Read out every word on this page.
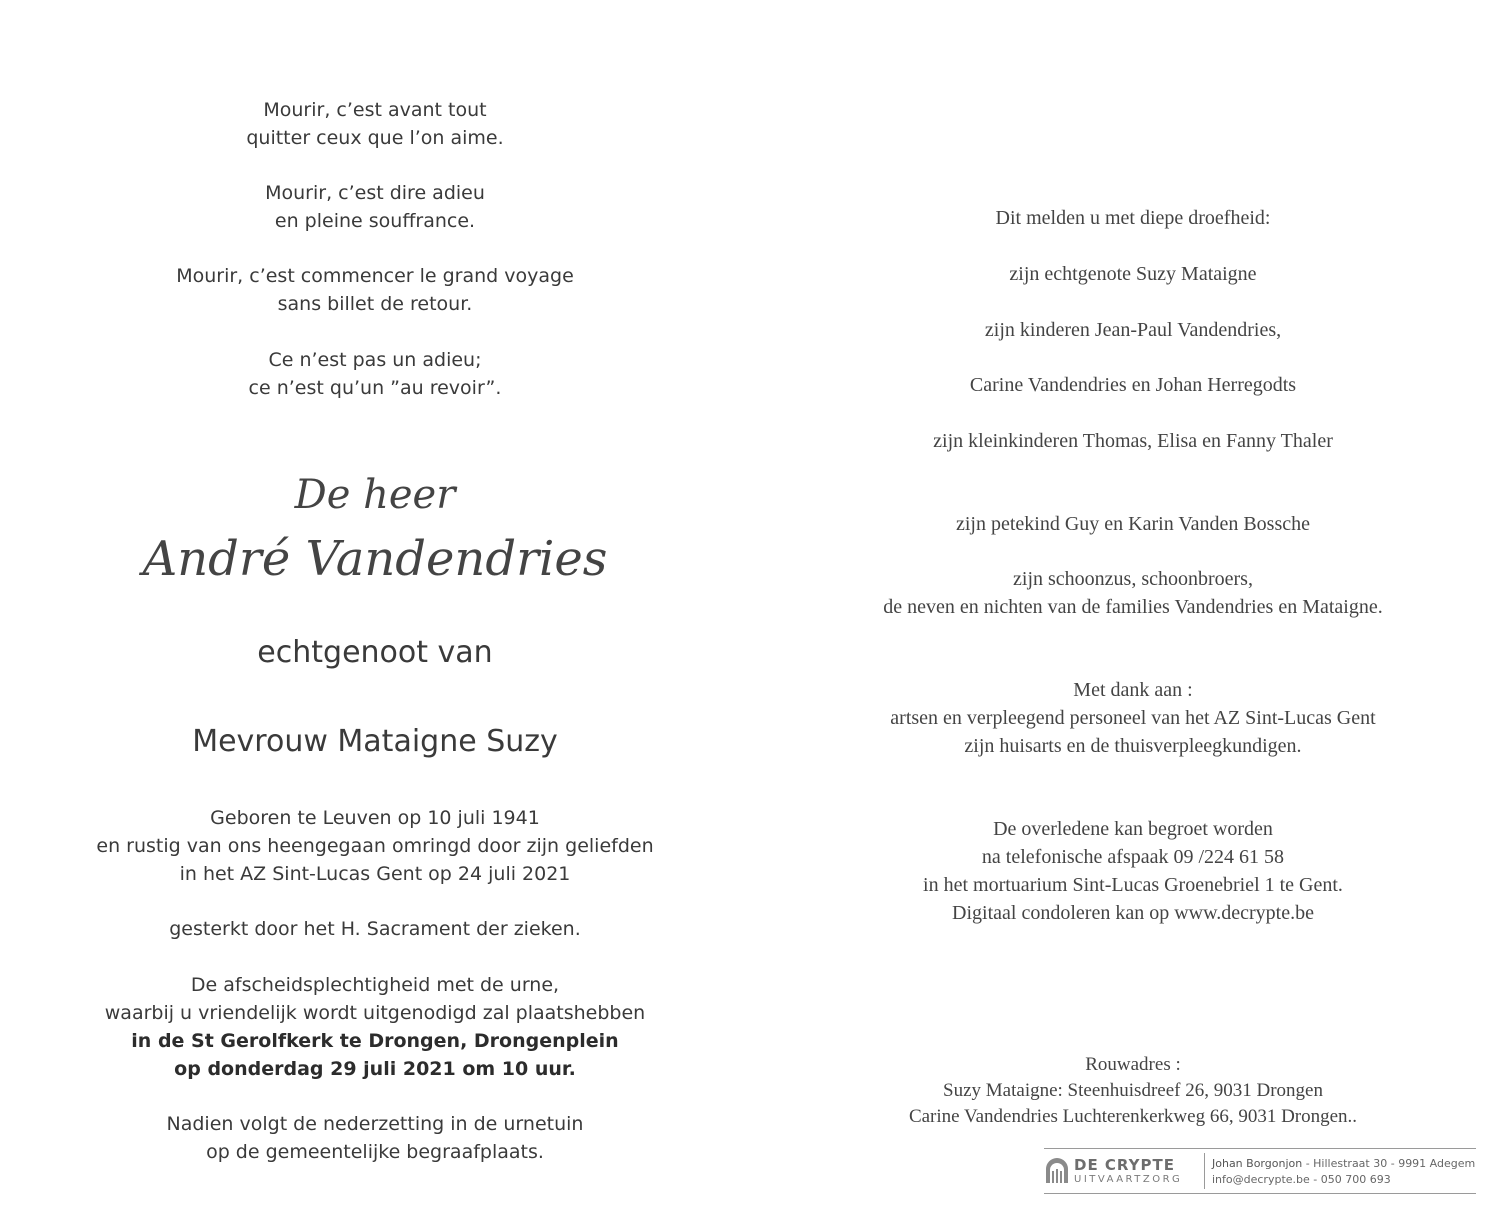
Mourir, c’est avant tout
quitter ceux que l’on aime.
Mourir, c’est dire adieu
en pleine souffrance.
Mourir, c’est commencer le grand voyage
sans billet de retour.
Ce n’est pas un adieu;
ce n’est qu’un ”au revoir”.
De heer
André Vandendries
echtgenoot van
Mevrouw Mataigne Suzy
Geboren te Leuven op 10 juli 1941
en rustig van ons heengegaan omringd door zijn geliefden
in het AZ Sint-Lucas Gent op 24 juli 2021
gesterkt door het H. Sacrament der zieken.
De afscheidsplechtigheid met de urne,
waarbij u vriendelijk wordt uitgenodigd zal plaatshebben
in de St Gerolfkerk te Drongen, Drongenplein
op donderdag 29 juli 2021 om 10 uur.
Nadien volgt de nederzetting in de urnetuin
op de gemeentelijke begraafplaats.
Dit melden u met diepe droefheid:
zijn echtgenote Suzy Mataigne
zijn kinderen Jean-Paul Vandendries,
Carine Vandendries en Johan Herregodts
zijn kleinkinderen Thomas, Elisa en Fanny Thaler
zijn petekind Guy en Karin Vanden Bossche
zijn schoonzus, schoonbroers,
de neven en nichten van de families Vandendries en Mataigne.
Met dank aan :
artsen en verpleegend personeel van het AZ Sint-Lucas Gent
zijn huisarts en de thuisverpleegkundigen.
De overledene kan begroet worden
na telefonische afspaak 09 /224 61 58
in het mortuarium Sint-Lucas Groenebriel 1 te Gent.
Digitaal condoleren kan op www.decrypte.be
Rouwadres :
Suzy Mataigne: Steenhuisdreef 26, 9031 Drongen
Carine Vandendries Luchterenkerkweg 66, 9031 Drongen..
DE CRYPTE
UITVAARTZORG
Johan Borgonjon - Hillestraat 30 - 9991 Adegem
info@decrypte.be - 050 700 693
